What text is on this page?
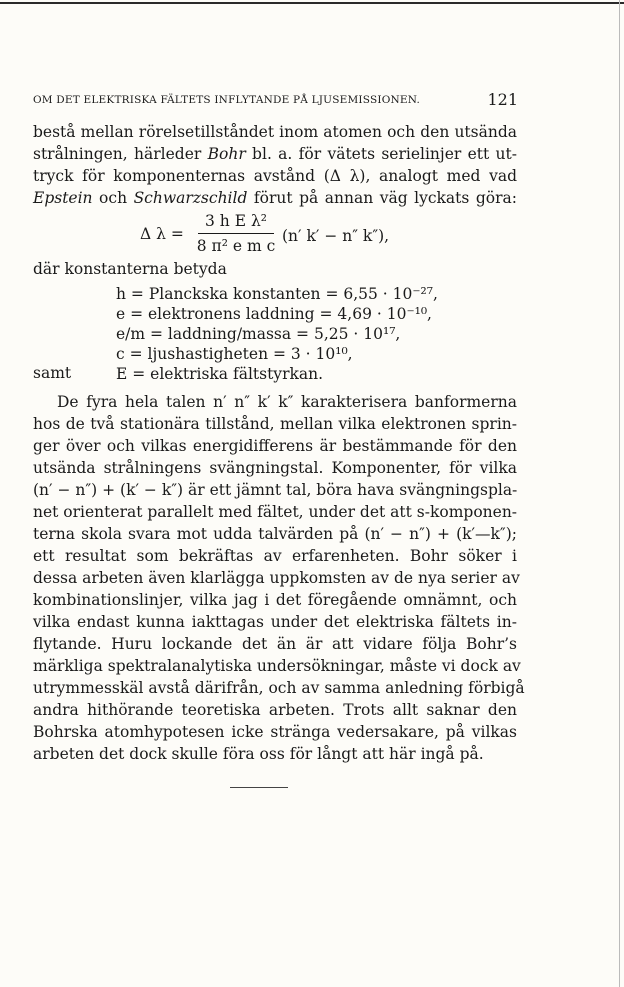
OM DET ELEKTRISKA FÄLTETS INFLYTANDE PÅ LJUSEMISSIONEN.	121
bestå mellan rörelsetillståndet inom atomen och den utsända
strålningen, härleder Bohr bl. a. för vätets serielinjer ett ut-
tryck för komponenternas avstånd (Δ λ), analogt med vad
Epstein och Schwarzschild förut på annan väg lyckats göra:
Δ λ =
3 h E λ²
8 π² e m c
(n′ k′ − n″ k″),
där konstanterna betyda
h = Planckska konstanten = 6,55 · 10⁻²⁷,
e = elektronens laddning = 4,69 · 10⁻¹⁰,
e/m = laddning/massa = 5,25 · 10¹⁷,
c = ljushastigheten = 3 · 10¹⁰,
samt	E = elektriska fältstyrkan.
De fyra hela talen n′ n″ k′ k″ karakterisera banformerna
hos de två stationära tillstånd, mellan vilka elektronen sprin-
ger över och vilkas energidifferens är bestämmande för den
utsända strålningens svängningstal. Komponenter, för vilka
(n′ − n″) + (k′ − k″) är ett jämnt tal, böra hava svängningspla-
net orienterat parallelt med fältet, under det att s-komponen-
terna skola svara mot udda talvärden på (n′ − n″) + (k′—k″);
ett resultat som bekräftas av erfarenheten. Bohr söker i
dessa arbeten även klarlägga uppkomsten av de nya serier av
kombinationslinjer, vilka jag i det föregående omnämnt, och
vilka endast kunna iakttagas under det elektriska fältets in-
flytande. Huru lockande det än är att vidare följa Bohr’s
märkliga spektralanalytiska undersökningar, måste vi dock av
utrymmesskäl avstå därifrån, och av samma anledning förbigå
andra hithörande teoretiska arbeten. Trots allt saknar den
Bohrska atomhypotesen icke stränga vedersakare, på vilkas
arbeten det dock skulle föra oss för långt att här ingå på.
